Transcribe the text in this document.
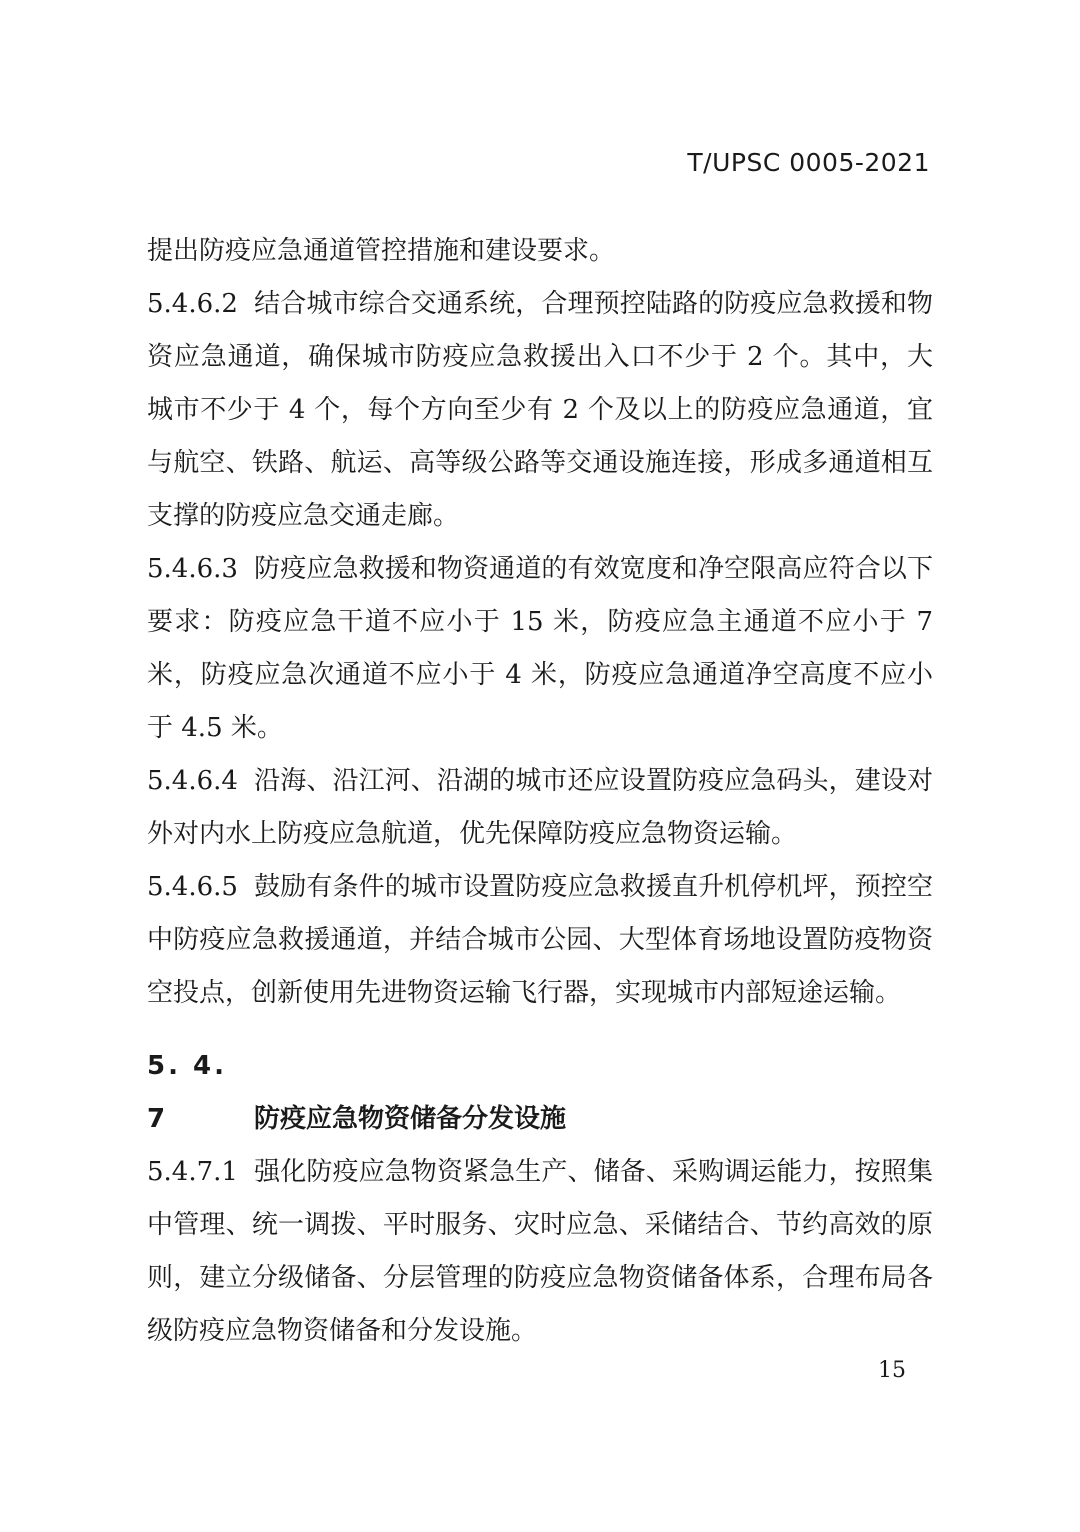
T/UPSC 0005-2021

提出防疫应急通道管控措施和建设要求。

5.4.6.2 结合城市综合交通系统，合理预控陆路的防疫应急救援和物资应急通道，确保城市防疫应急救援出入口不少于 2 个。其中，大城市不少于 4 个，每个方向至少有 2 个及以上的防疫应急通道，宜与航空、铁路、航运、高等级公路等交通设施连接，形成多通道相互支撑的防疫应急交通走廊。

5.4.6.3 防疫应急救援和物资通道的有效宽度和净空限高应符合以下要求：防疫应急干道不应小于 15 米，防疫应急主通道不应小于 7 米，防疫应急次通道不应小于 4 米，防疫应急通道净空高度不应小于 4.5 米。

5.4.6.4 沿海、沿江河、沿湖的城市还应设置防疫应急码头，建设对外对内水上防疫应急航道，优先保障防疫应急物资运输。

5.4.6.5 鼓励有条件的城市设置防疫应急救援直升机停机坪，预控空中防疫应急救援通道，并结合城市公园、大型体育场地设置防疫物资空投点，创新使用先进物资运输飞行器，实现城市内部短途运输。

5. 4. 7	防疫应急物资储备分发设施

5.4.7.1 强化防疫应急物资紧急生产、储备、采购调运能力，按照集中管理、统一调拨、平时服务、灾时应急、采储结合、节约高效的原则，建立分级储备、分层管理的防疫应急物资储备体系，合理布局各级防疫应急物资储备和分发设施。

15
